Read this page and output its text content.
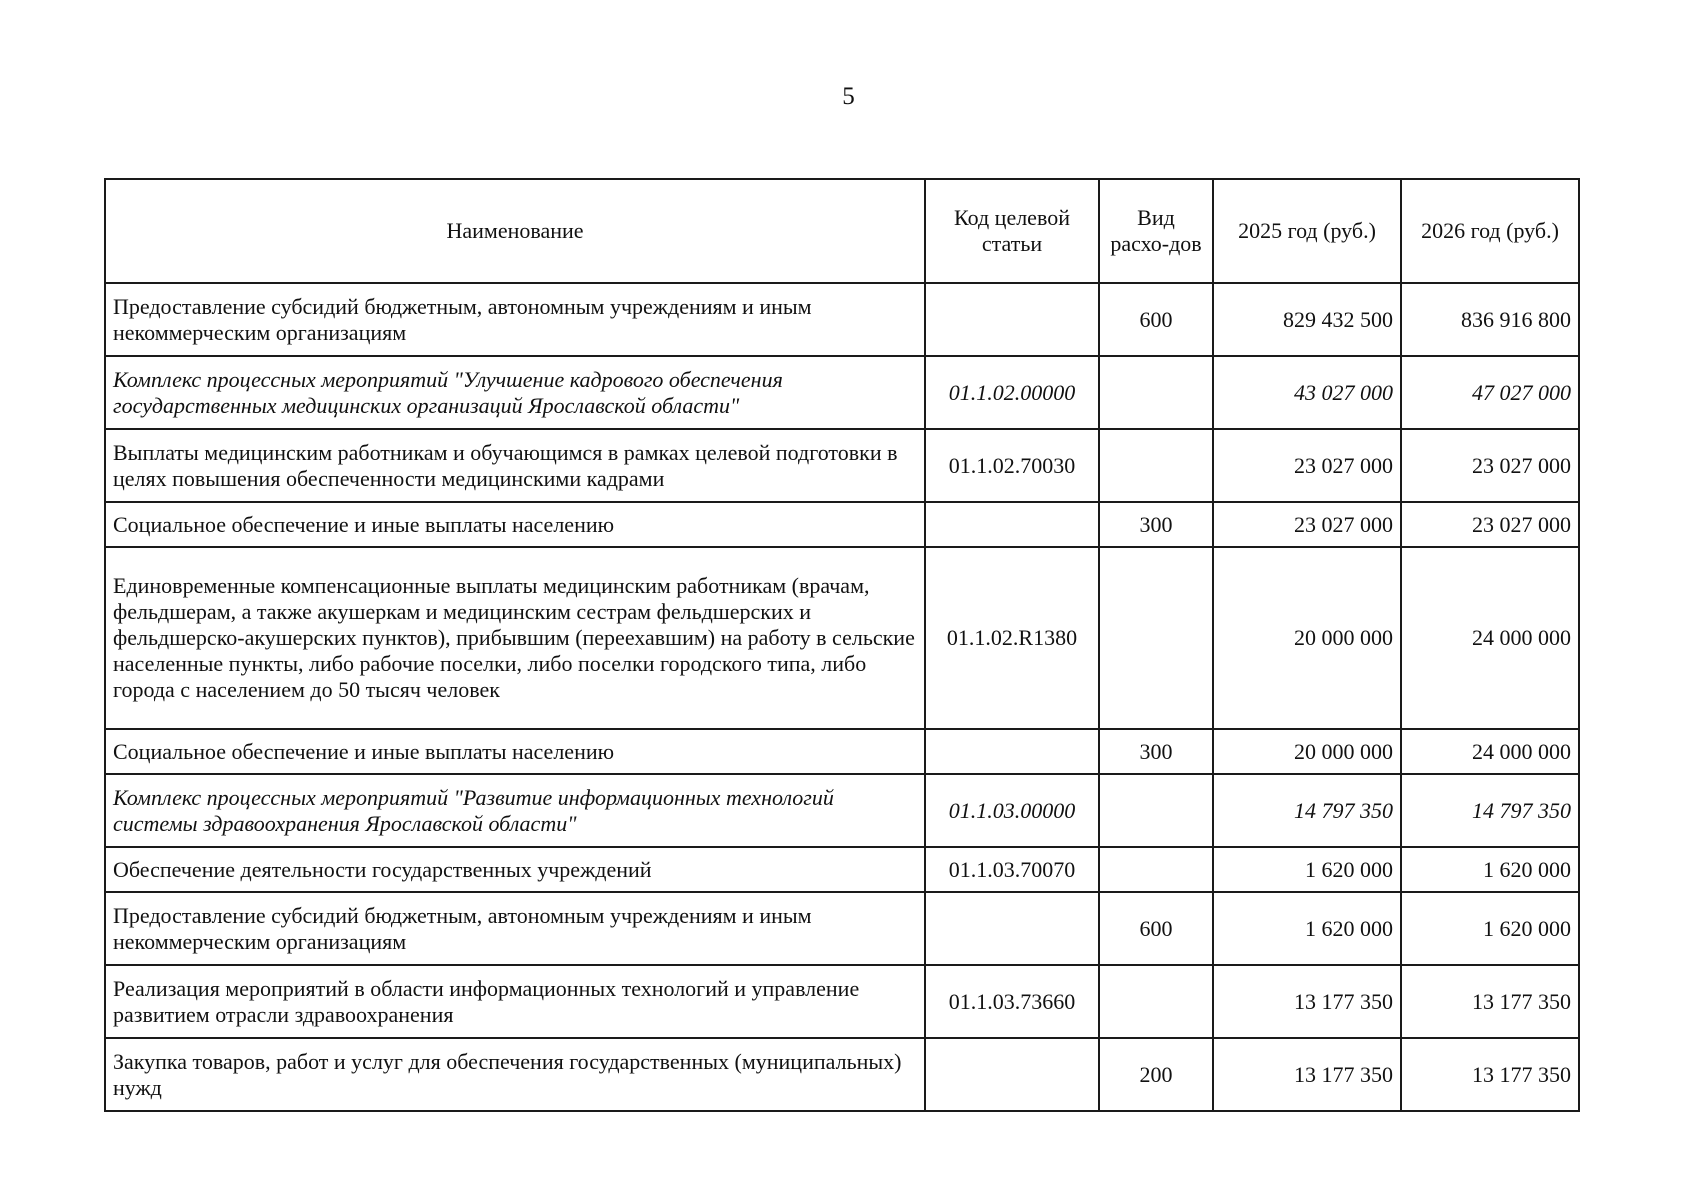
5
Наименование	Код целевой статьи	Вид расхо-дов	2025 год (руб.)	2026 год (руб.)
Предоставление субсидий бюджетным, автономным учреждениям и иным некоммерческим организациям		600	829 432 500	836 916 800
Комплекс процессных мероприятий "Улучшение кадрового обеспечения государственных медицинских организаций Ярославской области"	01.1.02.00000		43 027 000	47 027 000
Выплаты медицинским работникам и обучающимся в рамках целевой подготовки в целях повышения обеспеченности медицинскими кадрами	01.1.02.70030		23 027 000	23 027 000
Социальное обеспечение и иные выплаты населению		300	23 027 000	23 027 000
Единовременные компенсационные выплаты медицинским работникам (врачам, фельдшерам, а также акушеркам и медицинским сестрам фельдшерских и фельдшерско-акушерских пунктов), прибывшим (переехавшим) на работу в сельские населенные пункты, либо рабочие поселки, либо поселки городского типа, либо города с населением до 50 тысяч человек	01.1.02.R1380		20 000 000	24 000 000
Социальное обеспечение и иные выплаты населению		300	20 000 000	24 000 000
Комплекс процессных мероприятий "Развитие информационных технологий системы здравоохранения Ярославской области"	01.1.03.00000		14 797 350	14 797 350
Обеспечение деятельности государственных учреждений	01.1.03.70070		1 620 000	1 620 000
Предоставление субсидий бюджетным, автономным учреждениям и иным некоммерческим организациям		600	1 620 000	1 620 000
Реализация мероприятий в области информационных технологий и управление развитием отрасли здравоохранения	01.1.03.73660		13 177 350	13 177 350
Закупка товаров, работ и услуг для обеспечения государственных (муниципальных) нужд		200	13 177 350	13 177 350
